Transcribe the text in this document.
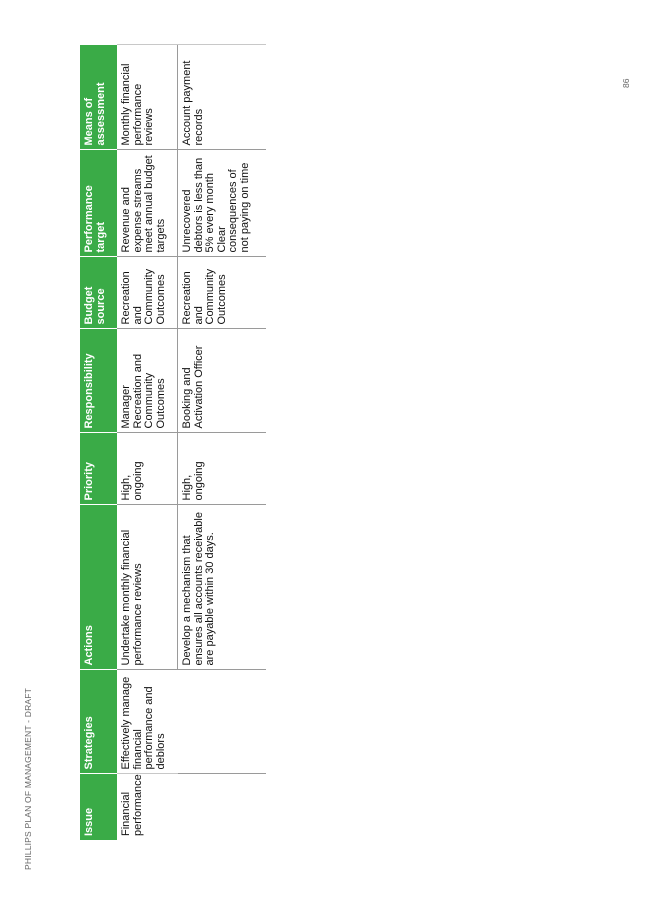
Issue	Strategies	Actions	Priority	Responsibility	Budget source	Performance target	Means of assessment
Financial performance	Effectively manage financial performance and deblors	Undertake monthly financial performance reviews	High, ongoing	Manager Recreation and Community Outcomes	Recreation and Community Outcomes	Revenue and expense streams meet annual budget targets	Monthly financial performance reviews
		Develop a mechanism that ensures all accounts receivable are payable within 30 days.	High, ongoing	Booking and Activation Officer	Recreation and Community Outcomes	Unrecovered debtors is less than 5% every month Clear consequences of not paying on time	Account payment records
PHILLIPS PLAN OF MANAGEMENT - DRAFT
86
